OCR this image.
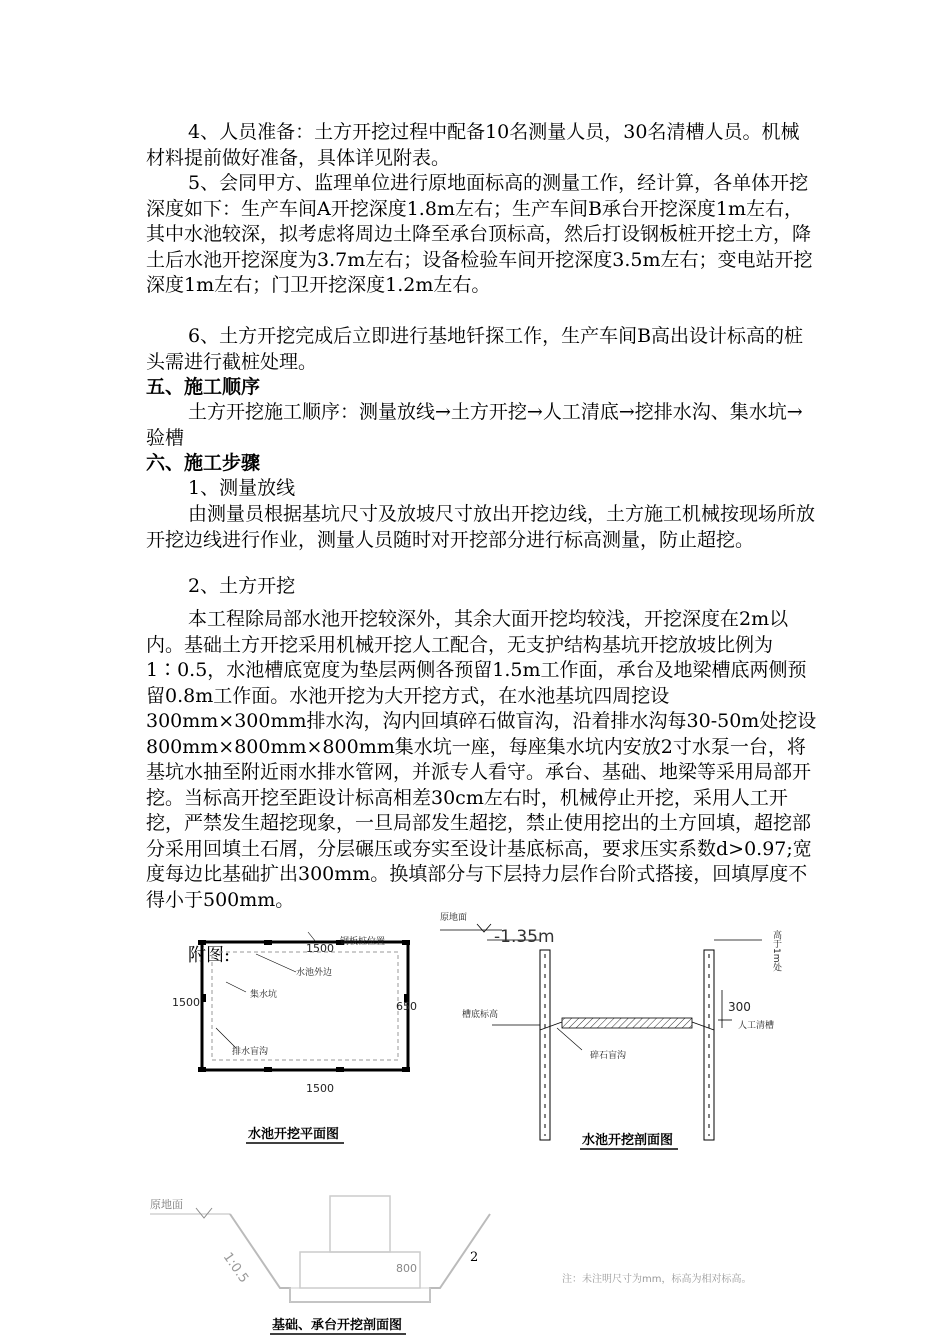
4、人员准备：土方开挖过程中配备10名测量人员，30名清槽人员。机械材料提前做好准备，具体详见附表。
5、会同甲方、监理单位进行原地面标高的测量工作，经计算，各单体开挖深度如下：生产车间A开挖深度1.8m左右；生产车间B承台开挖深度1m左右，其中水池较深，拟考虑将周边土降至承台顶标高，然后打设钢板桩开挖土方，降土后水池开挖深度为3.7m左右；设备检验车间开挖深度3.5m左右；变电站开挖深度1m左右；门卫开挖深度1.2m左右。
6、土方开挖完成后立即进行基地钎探工作，生产车间B高出设计标高的桩头需进行截桩处理。
五、施工顺序
土方开挖施工顺序：测量放线→土方开挖→人工清底→挖排水沟、集水坑→验槽
六、施工步骤
1、测量放线
由测量员根据基坑尺寸及放坡尺寸放出开挖边线，土方施工机械按现场所放开挖边线进行作业，测量人员随时对开挖部分进行标高测量，防止超挖。
2、土方开挖
本工程除局部水池开挖较深外，其余大面开挖均较浅，开挖深度在2m以内。基础土方开挖采用机械开挖人工配合，无支护结构基坑开挖放坡比例为1∶0.5，水池槽底宽度为垫层两侧各预留1.5m工作面，承台及地梁槽底两侧预留0.8m工作面。水池开挖为大开挖方式，在水池基坑四周挖设300mm×300mm排水沟，沟内回填碎石做盲沟，沿着排水沟每30-50m处挖设800mm×800mm×800mm集水坑一座，每座集水坑内安放2寸水泵一台，将基坑水抽至附近雨水排水管网，并派专人看守。承台、基础、地梁等采用局部开挖。当标高开挖至距设计标高相差30cm左右时，机械停止开挖，采用人工开挖，严禁发生超挖现象，一旦局部发生超挖，禁止使用挖出的土方回填，超挖部分采用回填土石屑，分层碾压或夯实至设计基底标高，要求压实系数d>0.97;宽度每边比基础扩出300mm。换填部分与下层持力层作台阶式搭接，回填厚度不得小于500mm。
附图:
钢板桩位置
水池外边
集水坑
排水盲沟
1500
1500	650
1500
水池开挖平面图
原地面
-1.35m
槽底标高
300
人工清槽
碎石盲沟
高于1m处
水池开挖剖面图
原地面
1:0.5	800
基础、承台开挖剖面图
注：未注明尺寸为mm，标高为相对标高。
2
